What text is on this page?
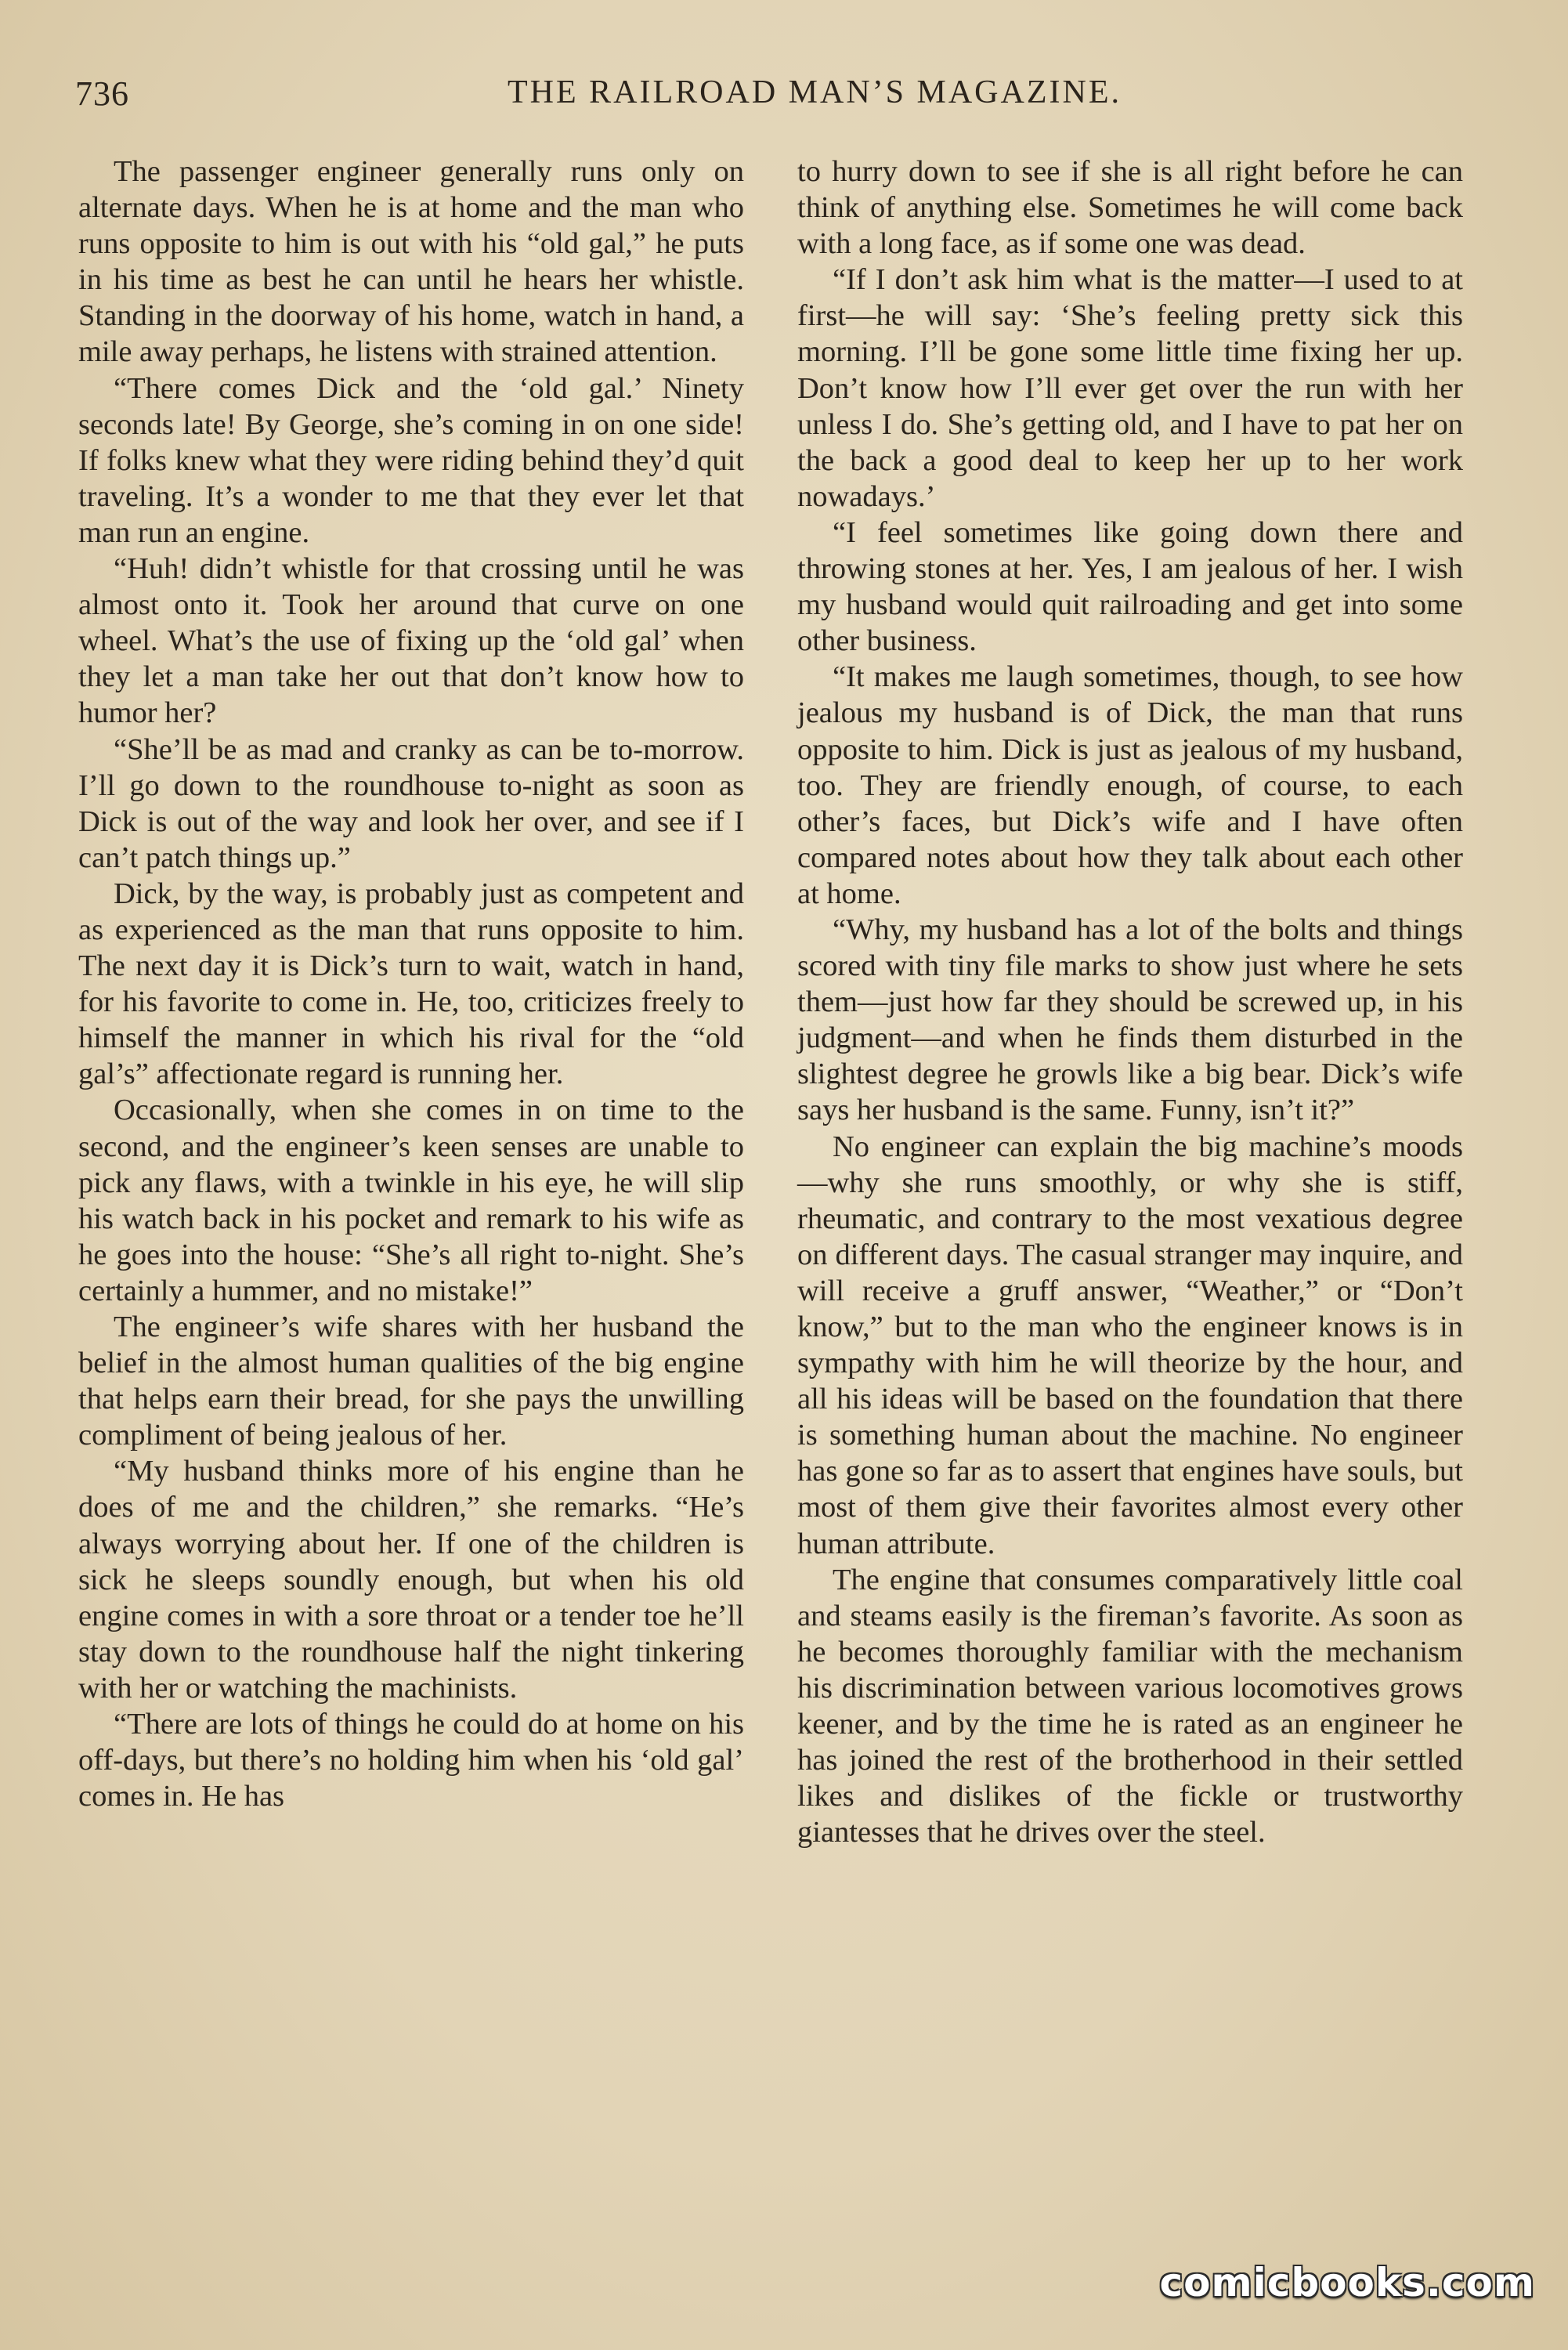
736	THE RAILROAD MAN’S MAGAZINE.

The passenger engineer generally runs only on alternate days. When he is at home and the man who runs opposite to him is out with his “old gal,” he puts in his time as best he can until he hears her whistle. Standing in the doorway of his home, watch in hand, a mile away perhaps, he listens with strained attention.

“There comes Dick and the ‘old gal.’ Ninety seconds late! By George, she’s coming in on one side! If folks knew what they were riding behind they’d quit traveling. It’s a wonder to me that they ever let that man run an engine.

“Huh! didn’t whistle for that crossing until he was almost onto it. Took her around that curve on one wheel. What’s the use of fixing up the ‘old gal’ when they let a man take her out that don’t know how to humor her?

“She’ll be as mad and cranky as can be to-morrow. I’ll go down to the roundhouse to-night as soon as Dick is out of the way and look her over, and see if I can’t patch things up.”

Dick, by the way, is probably just as competent and as experienced as the man that runs opposite to him. The next day it is Dick’s turn to wait, watch in hand, for his favorite to come in. He, too, criticizes freely to himself the manner in which his rival for the “old gal’s” affectionate regard is running her.

Occasionally, when she comes in on time to the second, and the engineer’s keen senses are unable to pick any flaws, with a twinkle in his eye, he will slip his watch back in his pocket and remark to his wife as he goes into the house: “She’s all right to-night. She’s certainly a hummer, and no mistake!”

The engineer’s wife shares with her husband the belief in the almost human qualities of the big engine that helps earn their bread, for she pays the unwilling compliment of being jealous of her.

“My husband thinks more of his engine than he does of me and the children,” she remarks. “He’s always worrying about her. If one of the children is sick he sleeps soundly enough, but when his old engine comes in with a sore throat or a tender toe he’ll stay down to the roundhouse half the night tinkering with her or watching the machinists.

“There are lots of things he could do at home on his off-days, but there’s no holding him when his ‘old gal’ comes in. He has

to hurry down to see if she is all right before he can think of anything else. Sometimes he will come back with a long face, as if some one was dead.

“If I don’t ask him what is the matter—I used to at first—he will say: ‘She’s feeling pretty sick this morning. I’ll be gone some little time fixing her up. Don’t know how I’ll ever get over the run with her unless I do. She’s getting old, and I have to pat her on the back a good deal to keep her up to her work nowadays.’

“I feel sometimes like going down there and throwing stones at her. Yes, I am jealous of her. I wish my husband would quit railroading and get into some other business.

“It makes me laugh sometimes, though, to see how jealous my husband is of Dick, the man that runs opposite to him. Dick is just as jealous of my husband, too. They are friendly enough, of course, to each other’s faces, but Dick’s wife and I have often compared notes about how they talk about each other at home.

“Why, my husband has a lot of the bolts and things scored with tiny file marks to show just where he sets them—just how far they should be screwed up, in his judgment—and when he finds them disturbed in the slightest degree he growls like a big bear. Dick’s wife says her husband is the same. Funny, isn’t it?”

No engineer can explain the big machine’s moods—why she runs smoothly, or why she is stiff, rheumatic, and contrary to the most vexatious degree on different days. The casual stranger may inquire, and will receive a gruff answer, “Weather,” or “Don’t know,” but to the man who the engineer knows is in sympathy with him he will theorize by the hour, and all his ideas will be based on the foundation that there is something human about the machine. No engineer has gone so far as to assert that engines have souls, but most of them give their favorites almost every other human attribute.

The engine that consumes comparatively little coal and steams easily is the fireman’s favorite. As soon as he becomes thoroughly familiar with the mechanism his discrimination between various locomotives grows keener, and by the time he is rated as an engineer he has joined the rest of the brotherhood in their settled likes and dislikes of the fickle or trustworthy giantesses that he drives over the steel.

comicbooks.com
